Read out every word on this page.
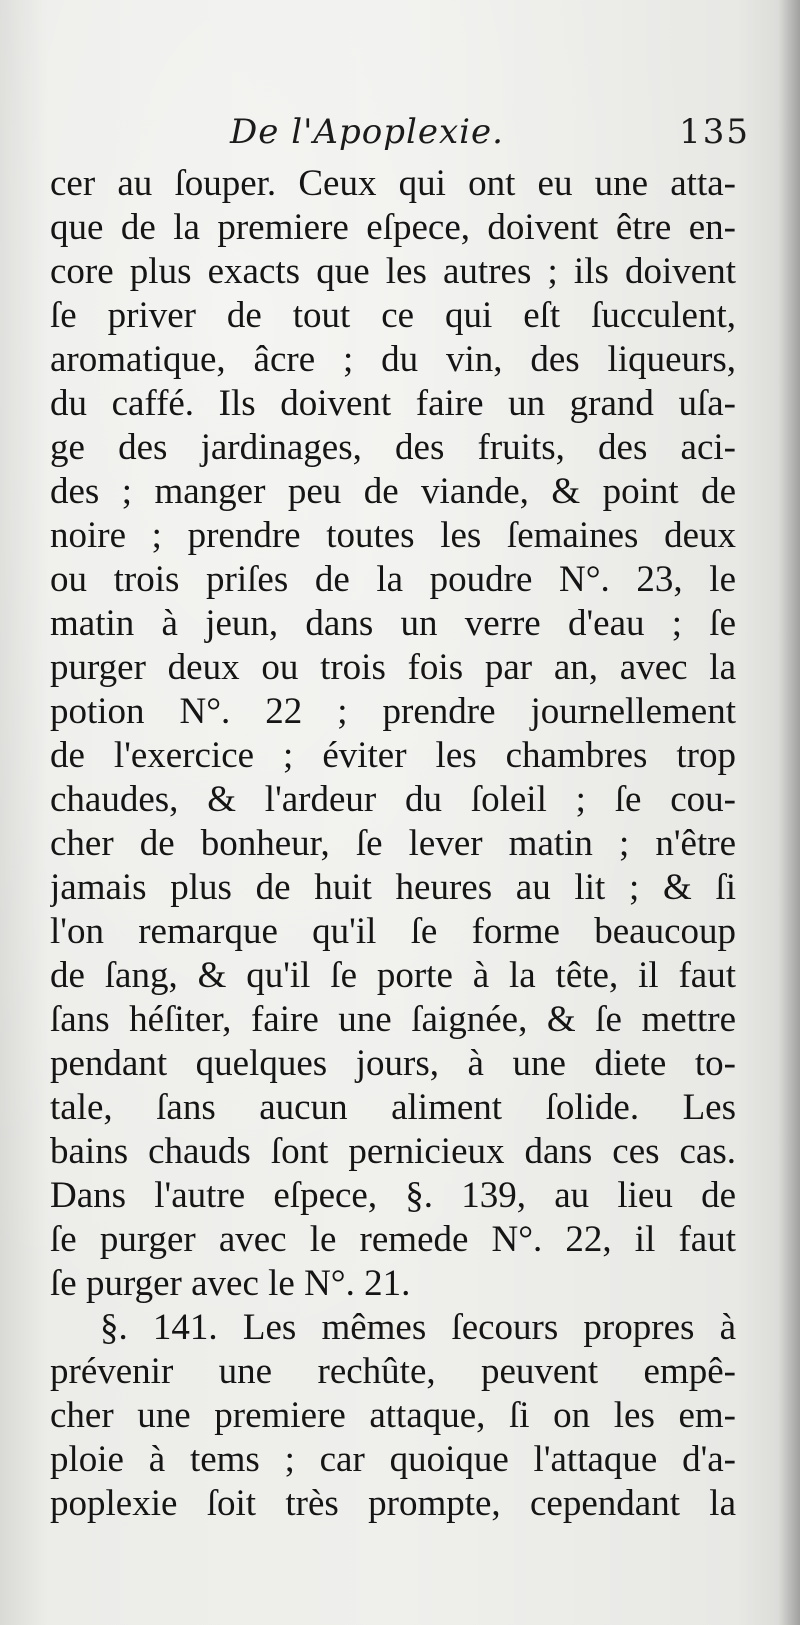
De l'Apoplexie.	135
cer au ſouper. Ceux qui ont eu une atta-
que de la premiere eſpece, doivent être en-
core plus exacts que les autres ; ils doivent
ſe priver de tout ce qui eſt ſucculent,
aromatique, âcre ; du vin, des liqueurs,
du caffé. Ils doivent faire un grand uſa-
ge des jardinages, des fruits, des aci-
des ; manger peu de viande, & point de
noire ; prendre toutes les ſemaines deux
ou trois priſes de la poudre N°. 23, le
matin à jeun, dans un verre d'eau ; ſe
purger deux ou trois fois par an, avec la
potion N°. 22 ; prendre journellement
de l'exercice ; éviter les chambres trop
chaudes, & l'ardeur du ſoleil ; ſe cou-
cher de bonheur, ſe lever matin ; n'être
jamais plus de huit heures au lit ; & ſi
l'on remarque qu'il ſe forme beaucoup
de ſang, & qu'il ſe porte à la tête, il faut
ſans héſiter, faire une ſaignée, & ſe mettre
pendant quelques jours, à une diete to-
tale, ſans aucun aliment ſolide. Les
bains chauds ſont pernicieux dans ces cas.
Dans l'autre eſpece, §. 139, au lieu de
ſe purger avec le remede N°. 22, il faut
ſe purger avec le N°. 21.
§. 141. Les mêmes ſecours propres à
prévenir une rechûte, peuvent empê-
cher une premiere attaque, ſi on les em-
ploie à tems ; car quoique l'attaque d'a-
poplexie ſoit très prompte, cependant la
